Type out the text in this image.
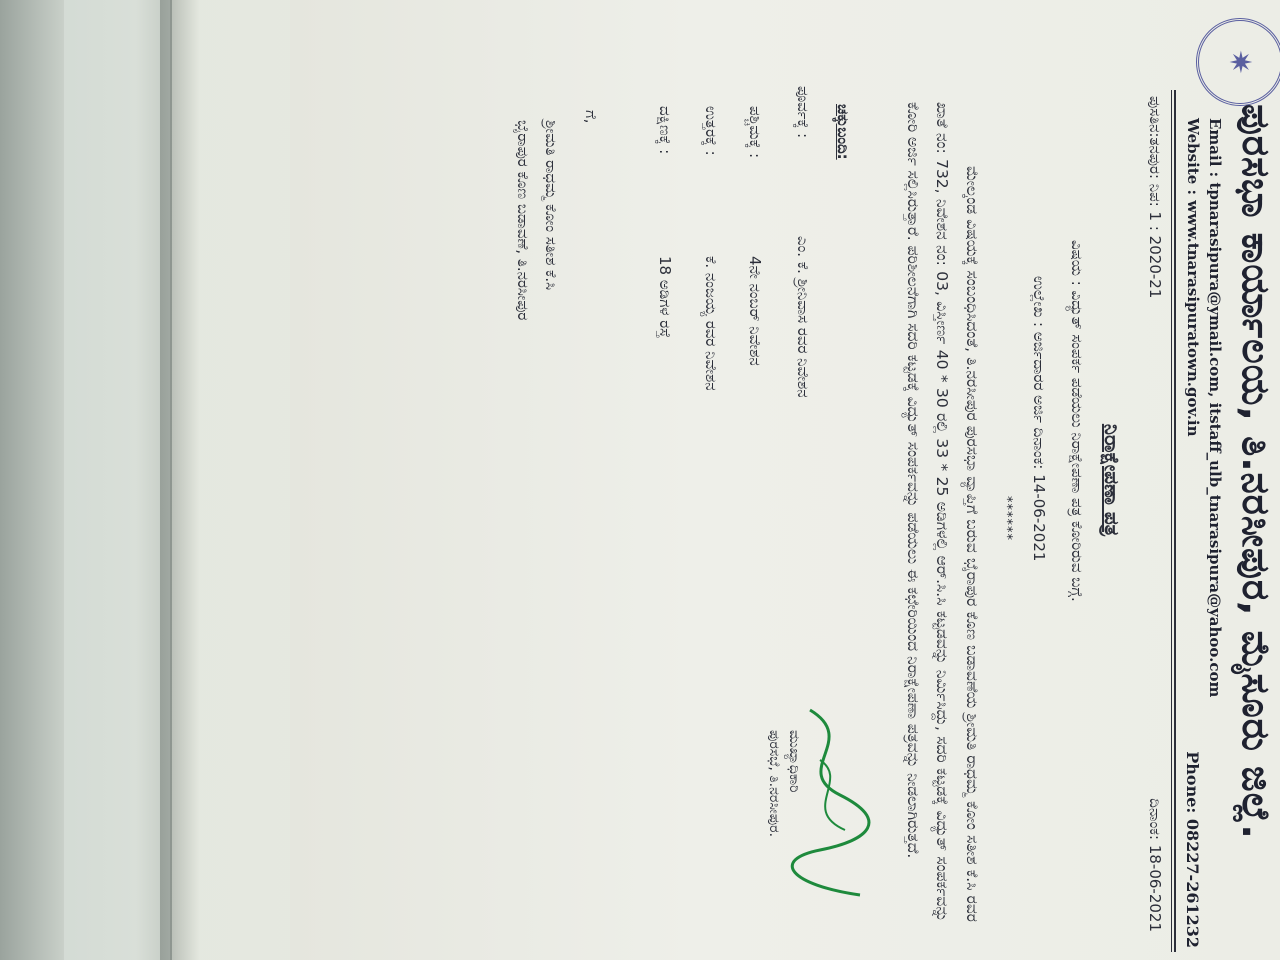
✷
ಪುರಸಭಾ ಕಾರ್ಯಾಲಯ, ತಿ.ನರಸೀಪುರ, ಮೈಸೂರು ಜಿಲ್ಲೆ.
Email : tpnarasipura@ymail.com, itstaff_ulb_tnarasipura@yahoo.com
Website : www.tnarasipuratown.gov.in
Phone: 08227-261232
ಪುಸತಿನ:ತನಪುರ: ನಿಪ: 1 : 2020-21
ದಿನಾಂಕ: 18-06-2021
ನಿರಾಕ್ಷೇಪಣಾ ಪತ್ರ
ವಿಷಯ : ವಿದ್ಯುತ್ ಸಂಪರ್ಕ ಪಡೆಯಲು ನಿರಾಕ್ಷೇಪಣಾ ಪತ್ರ ಕೋರಿರುವ ಬಗ್ಗೆ.
ಉಲ್ಲೇಖ : ಅರ್ಜಿದಾರರ ಅರ್ಜಿ ದಿನಾಂಕ: 14-06-2021
******
ಮೇಲ್ಕಂಡ ವಿಷಯಕ್ಕೆ ಸಂಬಂಧಿಸಿದಂತೆ, ತಿ.ನರಸೀಪುರ ಪುರಸಭಾ ವ್ಯಾಪ್ತಿಗೆ ಬರುವ ಭೈರಾಪುರ ಕೊಣ ಬಡಾವಣೆಯ ಶ್ರೀಮತಿ ರಾಧಮ್ಮ ಕೋಂ ಸತೀಶ ಕೆ.ಸಿ ರವರ ಖಾತೆ ನಂ: 732, ನಿವೇಶನ ನಂ: 03, ವಿಸ್ತೀರ್ಣ 40 * 30 ರಲ್ಲಿ 33 * 25 ಅಡಿಗಳಲ್ಲಿ ಆರ್.ಸಿ.ಸಿ ಕಟ್ಟಡವನ್ನು ನಿರ್ಮಿಸಿದ್ದು, ಸದರಿ ಕಟ್ಟಡಕ್ಕೆ ವಿದ್ಯುತ್ ಸಂಪರ್ಕವನ್ನು ಕೋರಿ ಅರ್ಜಿ ಸಲ್ಲಿಸಿರುತ್ತಾರೆ. ಪರಿಶೀಲನೆಗಾಗಿ ಸದರಿ ಕಟ್ಟಡಕ್ಕೆ ವಿದ್ಯುತ್ ಸಂಪರ್ಕವನ್ನು ಪಡೆಯಲು ಈ ಕಛೇರಿಯಿಂದ ನಿರಾಕ್ಷೇಪಣಾ ಪತ್ರವನ್ನು ನೀಡಲಾಗಿರುತ್ತದೆ.
ಮುಖ್ಯಾಧಿಕಾರಿ
ಪುರಸಭೆ, ತಿ.ನರಸೀಪುರ.
ಚಕ್ಕುಬಂದಿ:
ಪೂರ್ವಕ್ಕೆ :ಎಂ. ಕೆ. ಶ್ರೀನಿವಾಸ ರವರ ನಿವೇಶನ
ಪಶ್ಚಿಮಕ್ಕೆ :4ನೇ ನಂಬರ್ ನಿವೇಶನ
ಉತ್ತರಕ್ಕೆ :ಕೆ. ನಂಜಯ್ಯ ರವರ ನಿವೇಶನ
ದಕ್ಷಿಣಕ್ಕೆ :18 ಅಡಿಗಳ ರಸ್ತೆ
ಗೆ,
ಶ್ರೀಮತಿ ರಾಧಮ್ಮ ಕೋಂ ಸತೀಶ ಕೆ.ಸಿ
ಭೈರಾಪುರ ಕೊಣ ಬಡಾವಣೆ, ತಿ.ನರಸೀಪುರ
